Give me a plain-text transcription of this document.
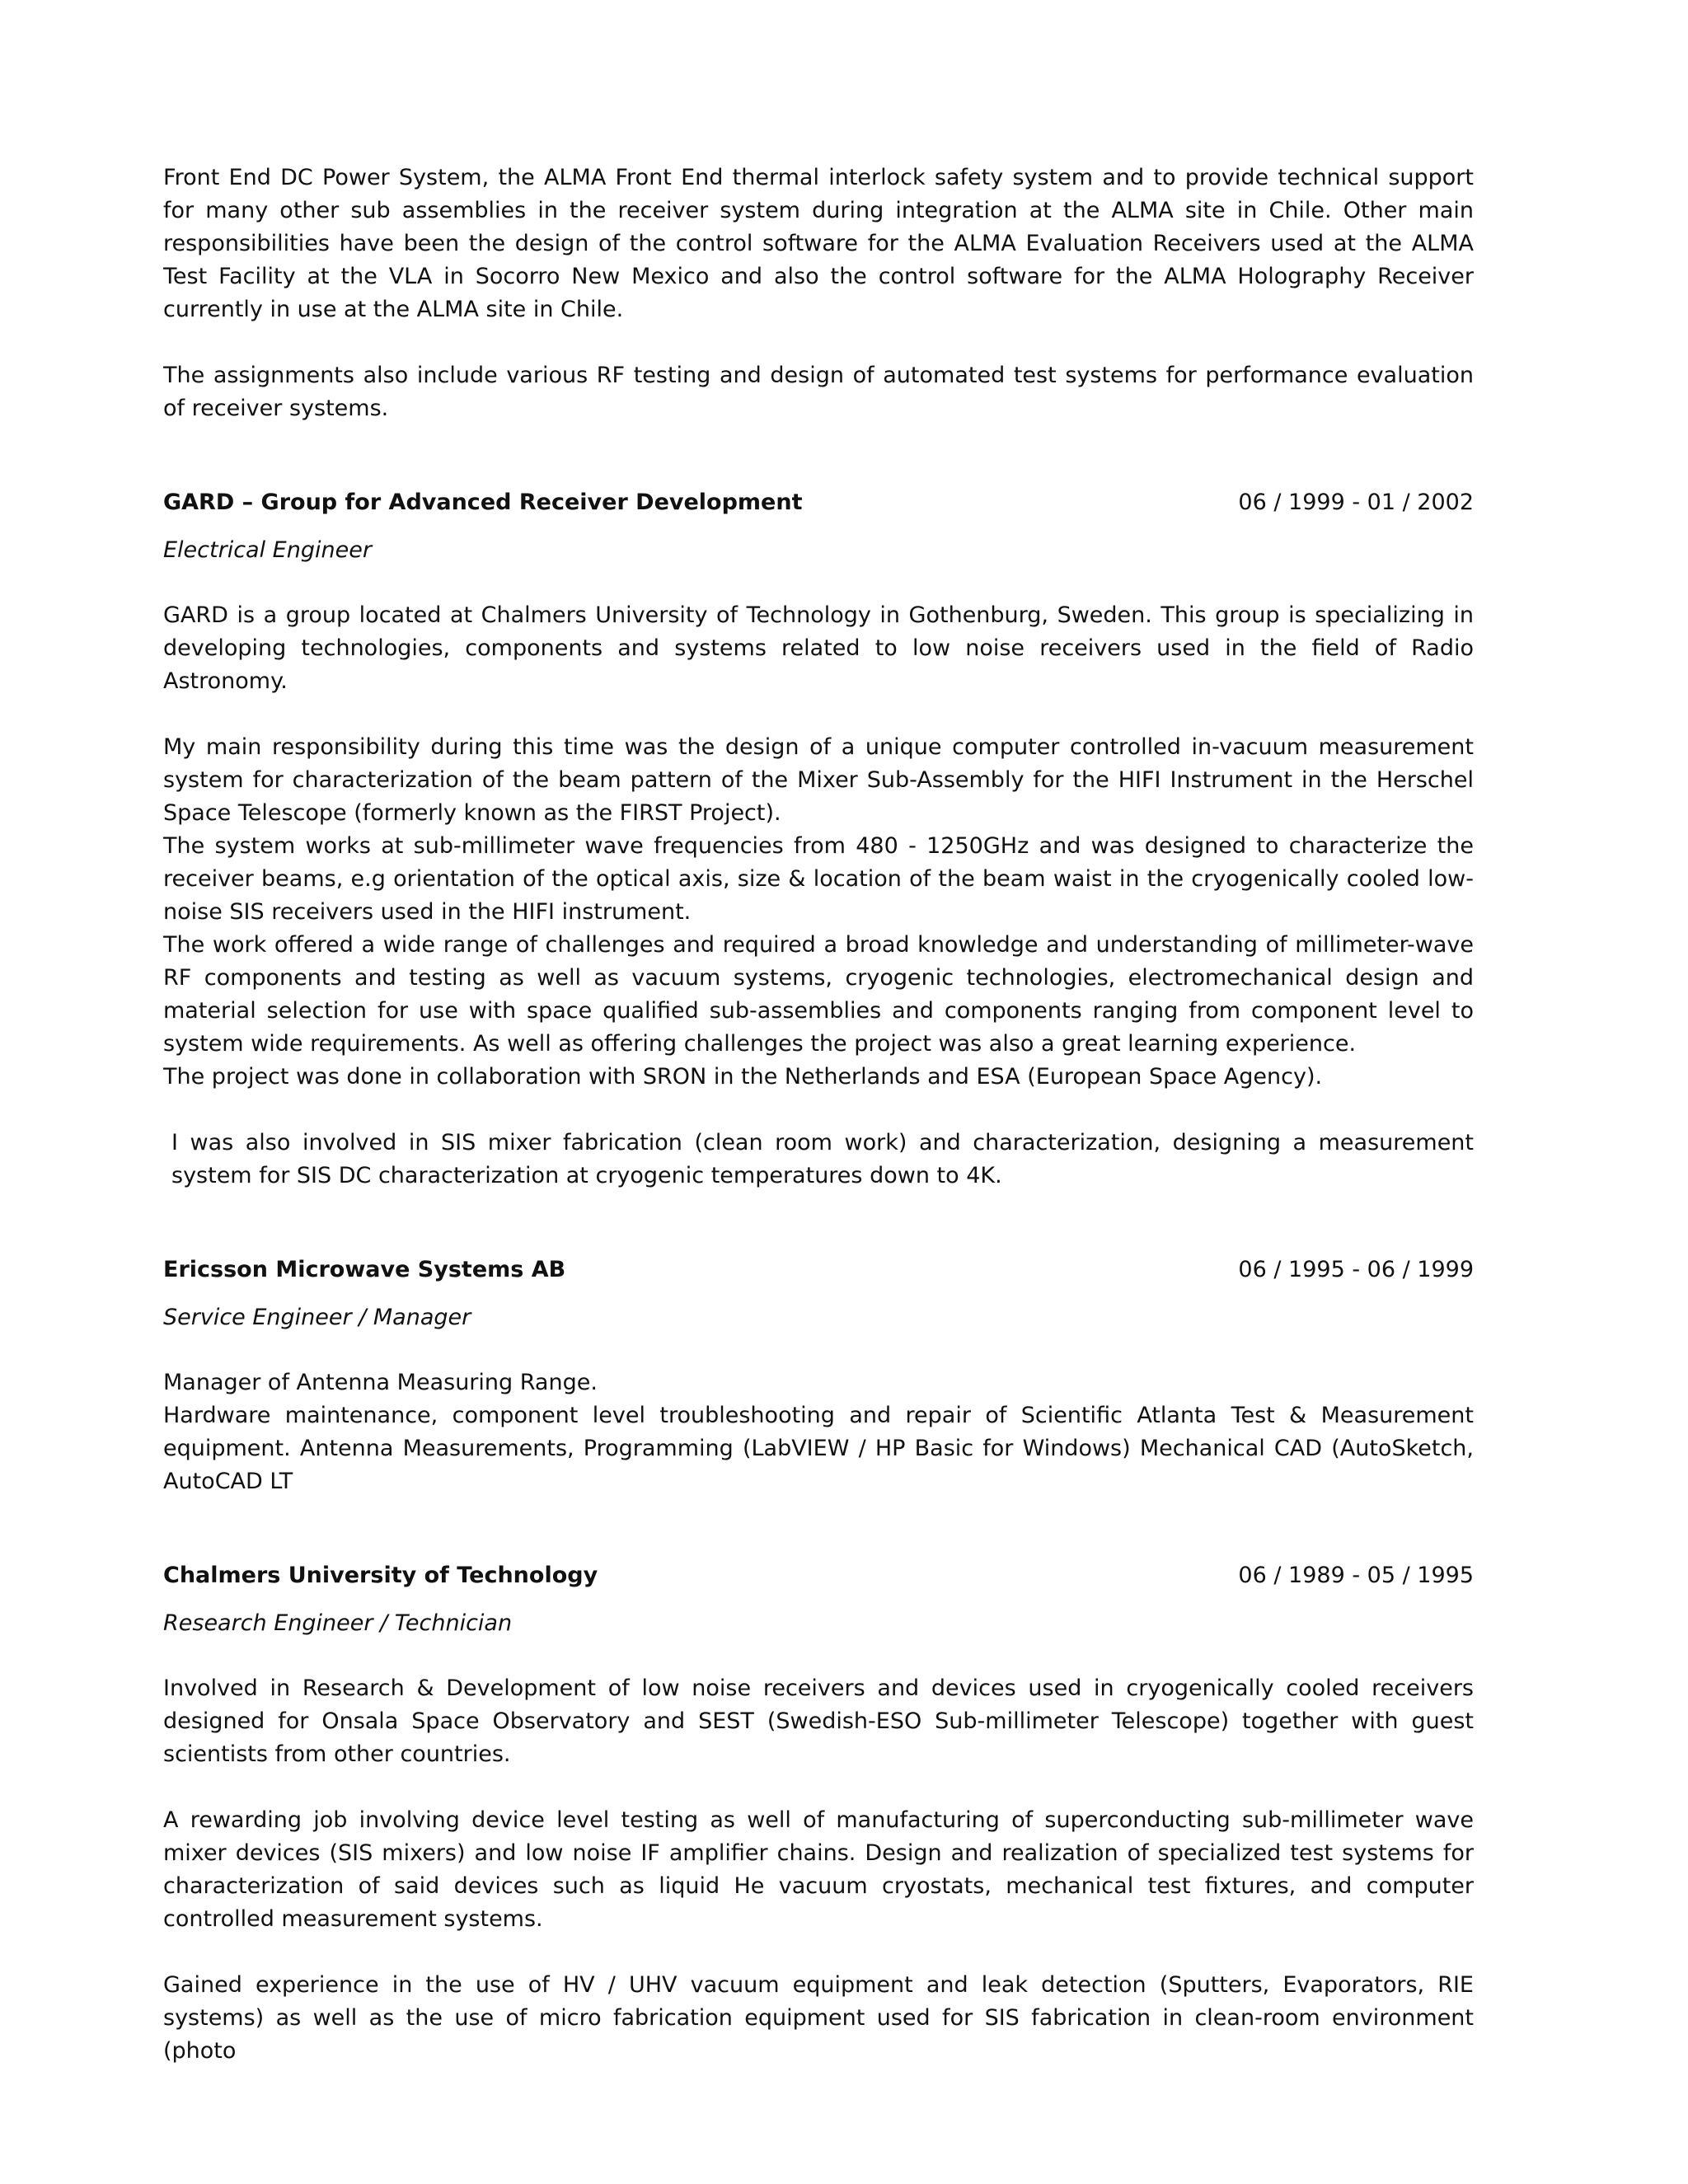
Front End DC Power System, the ALMA Front End thermal interlock safety system and to provide technical support for many other sub assemblies in the receiver system during integration at the ALMA site in Chile. Other main responsibilities have been the design of the control software for the ALMA Evaluation Receivers used at the ALMA Test Facility at the VLA in Socorro New Mexico and also the control software for the ALMA Holography Receiver currently in use at the ALMA site in Chile.

The assignments also include various RF testing and design of automated test systems for performance evaluation of receiver systems.

GARD – Group for Advanced Receiver Development	06 / 1999 - 01 / 2002
Electrical Engineer

GARD is a group located at Chalmers University of Technology in Gothenburg, Sweden. This group is specializing in developing technologies, components and systems related to low noise receivers used in the field of Radio Astronomy.

My main responsibility during this time was the design of a unique computer controlled in-vacuum measurement system for characterization of the beam pattern of the Mixer Sub-Assembly for the HIFI Instrument in the Herschel Space Telescope (formerly known as the FIRST Project).

The system works at sub-millimeter wave frequencies from 480 - 1250GHz and was designed to characterize the receiver beams, e.g orientation of the optical axis, size & location of the beam waist in the cryogenically cooled low-noise SIS receivers used in the HIFI instrument.

The work offered a wide range of challenges and required a broad knowledge and understanding of millimeter-wave RF components and testing as well as vacuum systems, cryogenic technologies, electromechanical design and material selection for use with space qualified sub-assemblies and components ranging from component level to system wide requirements. As well as offering challenges the project was also a great learning experience.

The project was done in collaboration with SRON in the Netherlands and ESA (European Space Agency).

I was also involved in SIS mixer fabrication (clean room work) and characterization, designing a measurement system for SIS DC characterization at cryogenic temperatures down to 4K.

Ericsson Microwave Systems AB	06 / 1995 - 06 / 1999
Service Engineer / Manager

Manager of Antenna Measuring Range.

Hardware maintenance, component level troubleshooting and repair of Scientific Atlanta Test & Measurement equipment. Antenna Measurements, Programming (LabVIEW / HP Basic for Windows) Mechanical CAD (AutoSketch, AutoCAD LT

Chalmers University of Technology	06 / 1989 - 05 / 1995
Research Engineer / Technician

Involved in Research & Development of low noise receivers and devices used in cryogenically cooled receivers designed for Onsala Space Observatory and SEST (Swedish-ESO Sub-millimeter Telescope) together with guest scientists from other countries.

A rewarding job involving device level testing as well of manufacturing of superconducting sub-millimeter wave mixer devices (SIS mixers) and low noise IF amplifier chains. Design and realization of specialized test systems for characterization of said devices such as liquid He vacuum cryostats, mechanical test fixtures, and computer controlled measurement systems.

Gained experience in the use of HV / UHV vacuum equipment and leak detection (Sputters, Evaporators, RIE systems) as well as the use of micro fabrication equipment used for SIS fabrication in clean-room environment (photo
